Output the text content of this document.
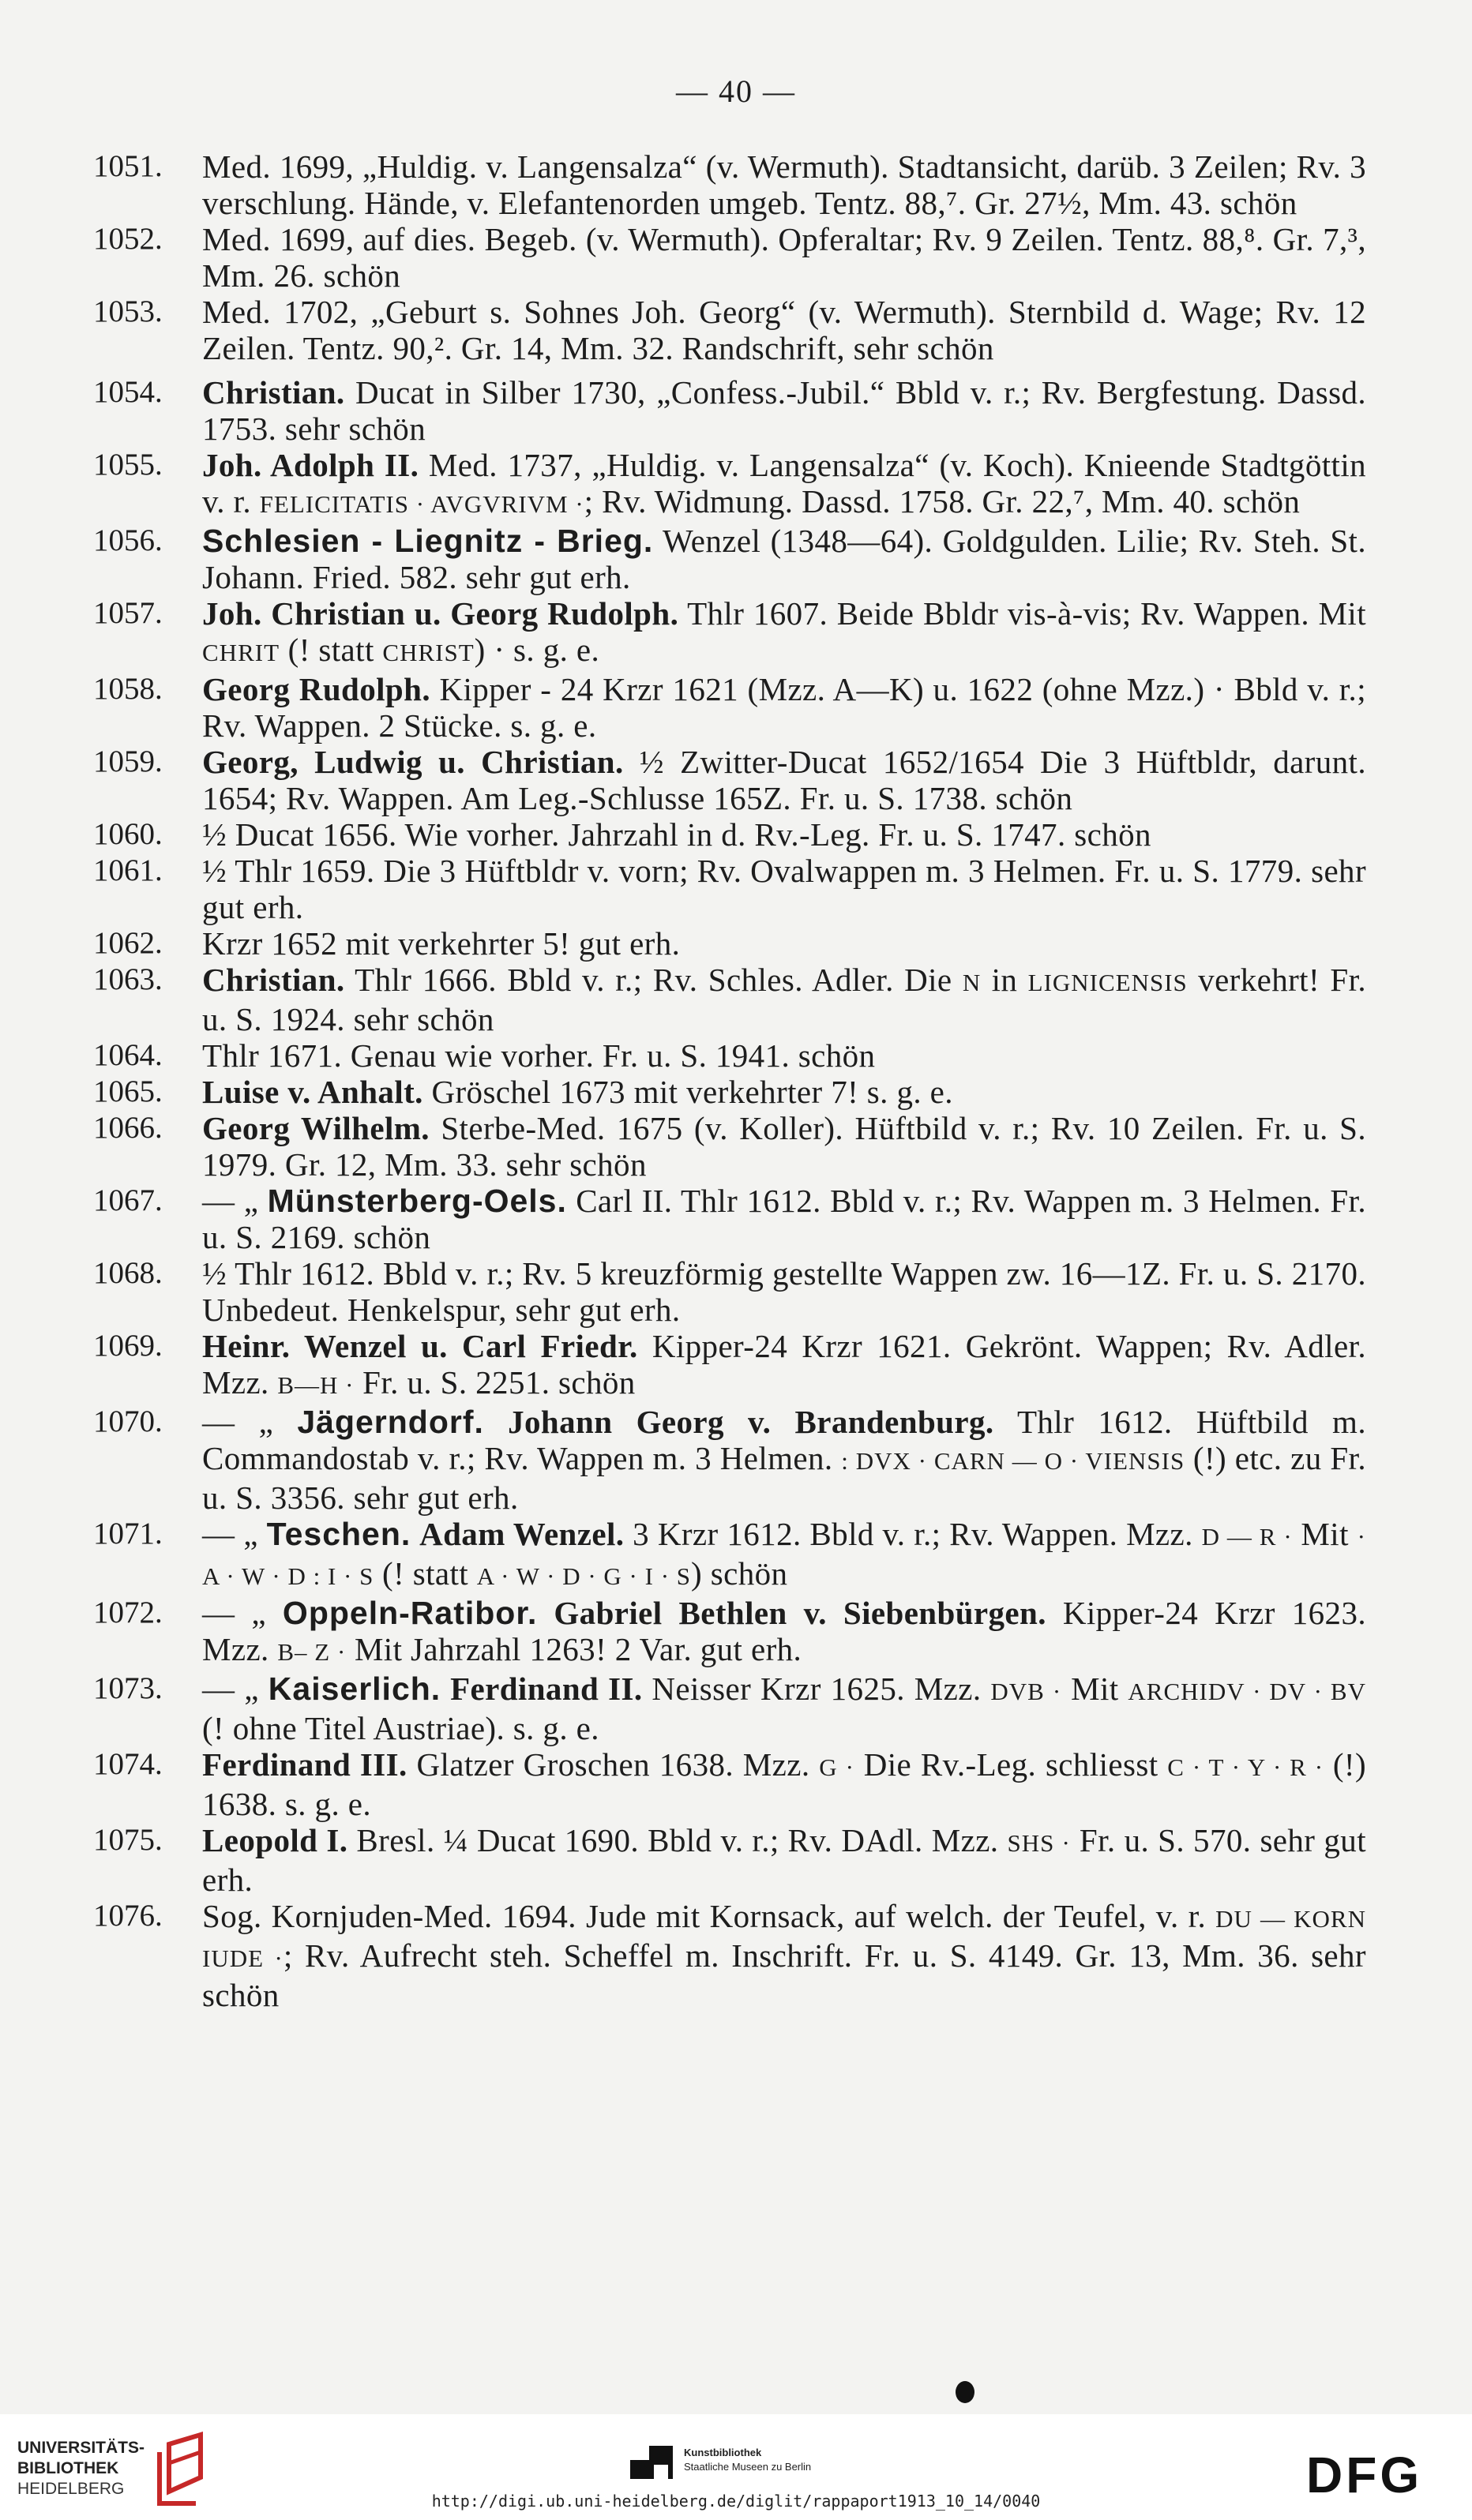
— 40 —
1051.	Med. 1699, „Huldig. v. Langensalza“ (v. Wermuth). Stadtansicht, darüb. 3 Zeilen; Rv. 3 verschlung. Hände, v. Elefantenorden umgeb. Tentz. 88,⁷. Gr. 27½, Mm. 43. schön
1052.	Med. 1699, auf dies. Begeb. (v. Wermuth). Opferaltar; Rv. 9 Zeilen. Tentz. 88,⁸. Gr. 7,³, Mm. 26. schön
1053.	Med. 1702, „Geburt s. Sohnes Joh. Georg“ (v. Wermuth). Sternbild d. Wage; Rv. 12 Zeilen. Tentz. 90,². Gr. 14, Mm. 32. Randschrift, sehr schön
1054.	Christian. Ducat in Silber 1730, „Confess.-Jubil.“ Bbld v. r.; Rv. Bergfestung. Dassd. 1753. sehr schön
1055.	Joh. Adolph II. Med. 1737, „Huldig. v. Langensalza“ (v. Koch). Knieende Stadtgöttin v. r. FELICITATIS · AVGVRIVM ·; Rv. Widmung. Dassd. 1758. Gr. 22,⁷, Mm. 40. schön
1056.	Schlesien - Liegnitz - Brieg. Wenzel (1348—64). Goldgulden. Lilie; Rv. Steh. St. Johann. Fried. 582. sehr gut erh.
1057.	Joh. Christian u. Georg Rudolph. Thlr 1607. Beide Bbldr vis-à-vis; Rv. Wappen. Mit CHRIT (! statt CHRIST) · s. g. e.
1058.	Georg Rudolph. Kipper - 24 Krzr 1621 (Mzz. A—K) u. 1622 (ohne Mzz.) · Bbld v. r.; Rv. Wappen. 2 Stücke. s. g. e.
1059.	Georg, Ludwig u. Christian. ½ Zwitter-Ducat 1652/1654 Die 3 Hüftbldr, darunt. 1654; Rv. Wappen. Am Leg.-Schlusse 165Z. Fr. u. S. 1738. schön
1060.	½ Ducat 1656. Wie vorher. Jahrzahl in d. Rv.-Leg. Fr. u. S. 1747. schön
1061.	½ Thlr 1659. Die 3 Hüftbldr v. vorn; Rv. Ovalwappen m. 3 Helmen. Fr. u. S. 1779. sehr gut erh.
1062.	Krzr 1652 mit verkehrter 5! gut erh.
1063.	Christian. Thlr 1666. Bbld v. r.; Rv. Schles. Adler. Die N in LIGNICENSIS verkehrt! Fr. u. S. 1924. sehr schön
1064.	Thlr 1671. Genau wie vorher. Fr. u. S. 1941. schön
1065.	Luise v. Anhalt. Gröschel 1673 mit verkehrter 7! s. g. e.
1066.	Georg Wilhelm. Sterbe-Med. 1675 (v. Koller). Hüftbild v. r.; Rv. 10 Zeilen. Fr. u. S. 1979. Gr. 12, Mm. 33. sehr schön
1067.	— „ Münsterberg-Oels. Carl II. Thlr 1612. Bbld v. r.; Rv. Wappen m. 3 Helmen. Fr. u. S. 2169. schön
1068.	½ Thlr 1612. Bbld v. r.; Rv. 5 kreuzförmig gestellte Wappen zw. 16—1Z. Fr. u. S. 2170. Unbedeut. Henkelspur, sehr gut erh.
1069.	Heinr. Wenzel u. Carl Friedr. Kipper-24 Krzr 1621. Gekrönt. Wappen; Rv. Adler. Mzz. B—H · Fr. u. S. 2251. schön
1070.	— „ Jägerndorf. Johann Georg v. Brandenburg. Thlr 1612. Hüftbild m. Commandostab v. r.; Rv. Wappen m. 3 Helmen. : DVX · CARN — O · VIENSIS (!) etc. zu Fr. u. S. 3356. sehr gut erh.
1071.	— „ Teschen. Adam Wenzel. 3 Krzr 1612. Bbld v. r.; Rv. Wappen. Mzz. D — R · Mit · A · W · D : I · S (! statt A · W · D · G · I · S) schön
1072.	— „ Oppeln-Ratibor. Gabriel Bethlen v. Siebenbürgen. Kipper-24 Krzr 1623. Mzz. B– Z · Mit Jahrzahl 1263! 2 Var. gut erh.
1073.	— „ Kaiserlich. Ferdinand II. Neisser Krzr 1625. Mzz. DVB · Mit ARCHIDV · DV · BV (! ohne Titel Austriae). s. g. e.
1074.	Ferdinand III. Glatzer Groschen 1638. Mzz. G · Die Rv.-Leg. schliesst C · T · Y · R · (!) 1638. s. g. e.
1075.	Leopold I. Bresl. ¼ Ducat 1690. Bbld v. r.; Rv. DAdl. Mzz. SHS · Fr. u. S. 570. sehr gut erh.
1076.	Sog. Kornjuden-Med. 1694. Jude mit Kornsack, auf welch. der Teufel, v. r. DU — KORN IUDE ·; Rv. Aufrecht steh. Scheffel m. Inschrift. Fr. u. S. 4149. Gr. 13, Mm. 36. sehr schön
UNIVERSITÄTS-
BIBLIOTHEK
HEIDELBERG
Kunstbibliothek
Staatliche Museen zu Berlin	DFG
http://digi.ub.uni-heidelberg.de/diglit/rappaport1913_10_14/0040
